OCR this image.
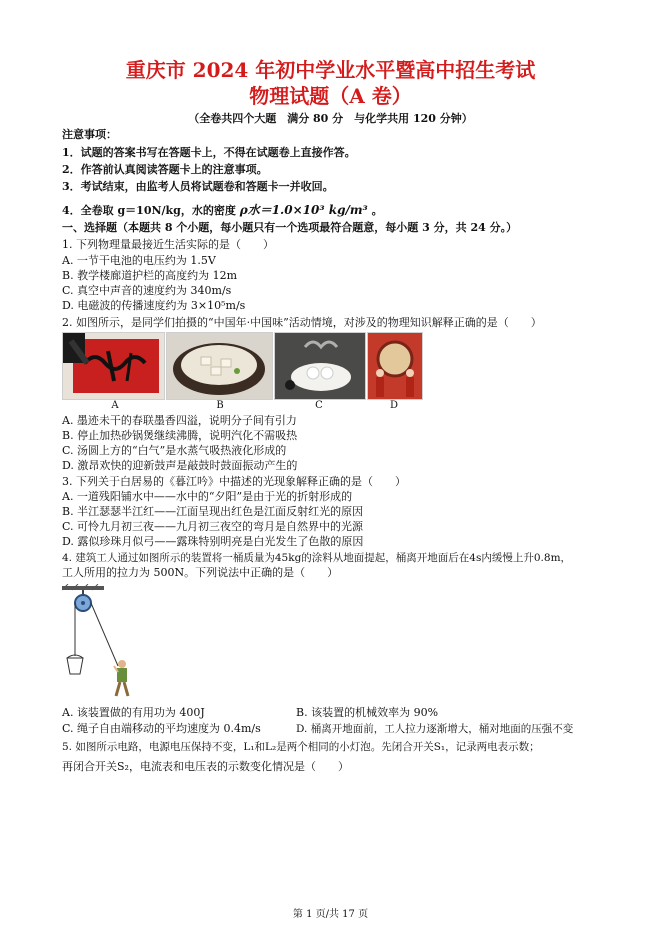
重庆市 2024 年初中学业水平暨高中招生考试
物理试题（A 卷）
（全卷共四个大题　满分 80 分　与化学共用 120 分钟）
注意事项：
1．试题的答案书写在答题卡上，不得在试题卷上直接作答。
2．作答前认真阅读答题卡上的注意事项。
3．考试结束，由监考人员将试题卷和答题卡一并收回。
4．全卷取 g＝10N/kg，水的密度 ρ水＝1.0×10³ kg/m³ 。
一、选择题（本题共 8 个小题，每小题只有一个选项最符合题意，每小题 3 分，共 24 分。）
1. 下列物理量最接近生活实际的是（　　）
A. 一节干电池的电压约为 1.5V
B. 教学楼廊道护栏的高度约为 12m
C. 真空中声音的速度约为 340m/s
D. 电磁波的传播速度约为 3×10⁵m/s
2. 如图所示，是同学们拍摄的“中国年·中国味”活动情境，对涉及的物理知识解释正确的是（　　）
A	B	C	D
A. 墨迹未干的春联墨香四溢，说明分子间有引力
B. 停止加热砂锅煲继续沸腾，说明汽化不需吸热
C. 汤圆上方的“白气”是水蒸气吸热液化形成的
D. 激昂欢快的迎新鼓声是敲鼓时鼓面振动产生的
3. 下列关于白居易的《暮江吟》中描述的光现象解释正确的是（　　）
A. 一道残阳铺水中——水中的“夕阳”是由于光的折射形成的
B. 半江瑟瑟半江红——江面呈现出红色是江面反射红光的原因
C. 可怜九月初三夜——九月初三夜空的弯月是自然界中的光源
D. 露似珍珠月似弓——露珠特别明亮是白光发生了色散的原因
4. 建筑工人通过如图所示的装置将一桶质量为45kg的涂料从地面提起，桶离开地面后在4s内缓慢上升0.8m，
工人所用的拉力为 500N。下列说法中正确的是（　　）
A. 该装置做的有用功为 400J	B. 该装置的机械效率为 90%
C. 绳子自由端移动的平均速度为 0.4m/s	D. 桶离开地面前，工人拉力逐渐增大，桶对地面的压强不变
5. 如图所示电路，电源电压保持不变，L₁和L₂是两个相同的小灯泡。先闭合开关S₁，记录两电表示数；
再闭合开关S₂，电流表和电压表的示数变化情况是（　　）
第 1 页/共 17 页
